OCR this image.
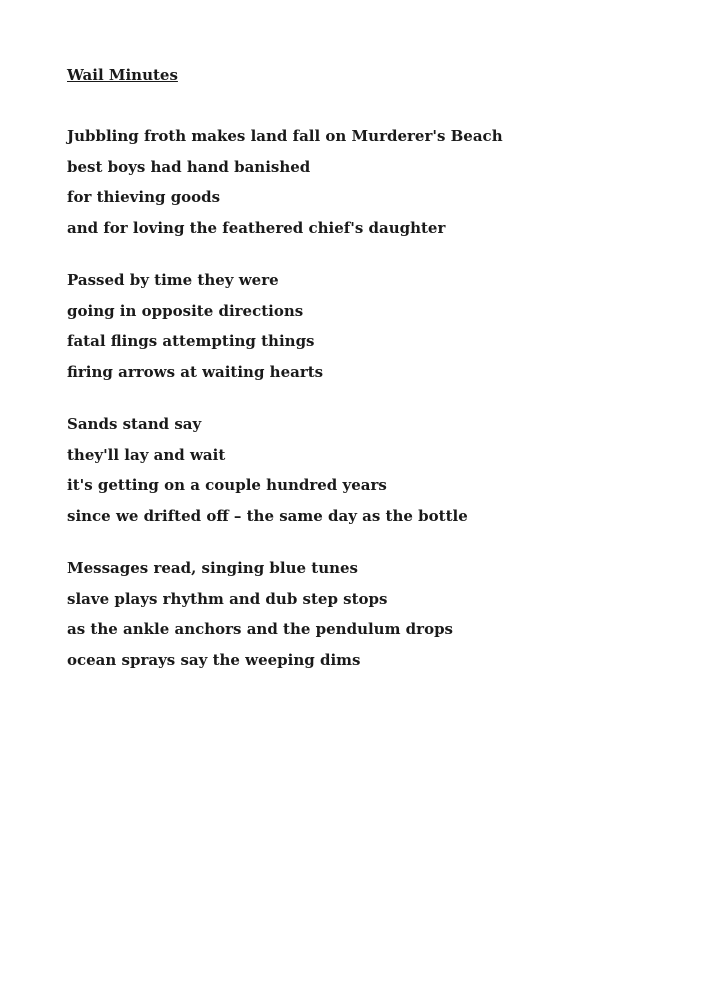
Wail Minutes
Jubbling froth makes land fall on Murderer's Beach
best boys had hand banished
for thieving goods
and for loving the feathered chief's daughter
Passed by time they were
going in opposite directions
fatal flings attempting things
firing arrows at waiting hearts
Sands stand say
they'll lay and wait
it's getting on a couple hundred years
since we drifted off – the same day as the bottle
Messages read, singing blue tunes
slave plays rhythm and dub step stops
as the ankle anchors and the pendulum drops
ocean sprays say the weeping dims
